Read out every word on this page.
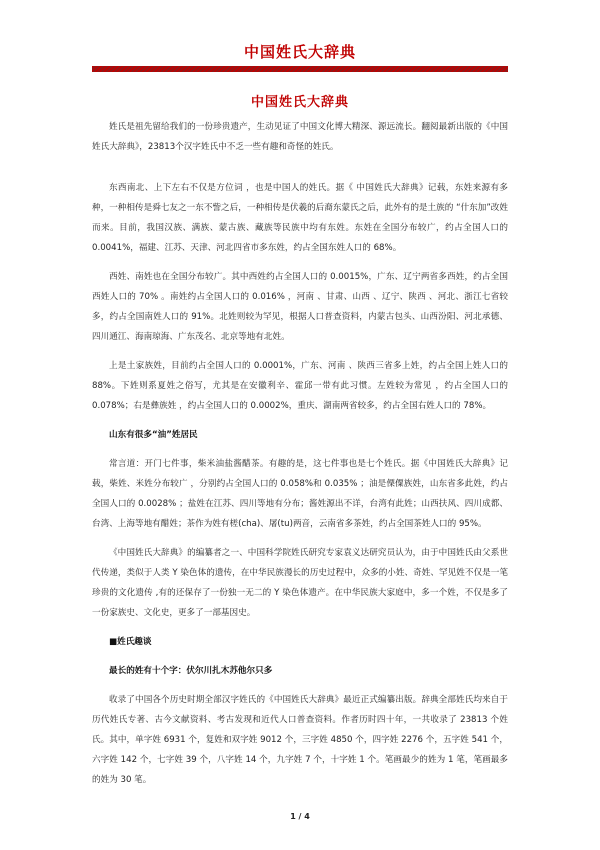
中国姓氏大辞典
中国姓氏大辞典

姓氏是祖先留给我们的一份珍贵遗产，生动见证了中国文化博大精深、源远流长。翻阅最新出版的《中国姓氏大辞典》，23813个汉字姓氏中不乏一些有趣和奇怪的姓氏。

东西南北、上下左右不仅是方位词 ，也是中国人的姓氏。据《 中国姓氏大辞典》记载，东姓来源有多种，一种相传是舜七友之一东不訾之后，一种相传是伏羲的后裔东蒙氏之后，此外有的是土族的 “什东加”改姓而来。目前，我国汉族、满族、蒙古族、藏族等民族中均有东姓。东姓在全国分布较广，约占全国人口的 0.0041%，福建、江苏、天津、河北四省市多东姓，约占全国东姓人口的 68%。

西姓、南姓也在全国分布较广。其中西姓约占全国人口的 0.0015%，广东、辽宁两省多西姓，约占全国西姓人口的 70% 。南姓约占全国人口的 0.016% ，河南 、甘肃、山西 、辽宁、陕西 、河北、浙江七省较多，约占全国南姓人口的 91%。北姓则较为罕见，根据人口普查资料，内蒙古包头、山西汾阳、河北承德、四川通江、海南琼海、广东茂名、北京等地有北姓。

上是土家族姓，目前约占全国人口的 0.0001%，广东、河南 、陕西三省多上姓，约占全国上姓人口的 88%。下姓则系夏姓之俗写，尤其是在安徽利辛、霍邱一带有此习惯。左姓较为常见 ，约占全国人口的 0.078%；右是彝族姓 ，约占全国人口的 0.0002%，重庆、湖南两省较多，约占全国右姓人口的 78%。

山东有很多“油”姓居民

常言道：开门七件事，柴米油盐酱醋茶。有趣的是，这七件事也是七个姓氏。据《中国姓氏大辞典》记载，柴姓、米姓分布较广 ，分别约占全国人口的 0.058%和 0.035% ；油是傈僳族姓，山东省多此姓，约占全国人口的 0.0028% ；盐姓在江苏、四川等地有分布；酱姓源出不详，台湾有此姓；山西扶风、四川成都、台湾、上海等地有醋姓；茶作为姓有槎(cha)、屠(tu)两音，云南省多茶姓，约占全国茶姓人口的 95%。

《中国姓氏大辞典》的编纂者之一、中国科学院姓氏研究专家袁义达研究员认为，由于中国姓氏由父系世代传递，类似于人类 Y 染色体的遗传，在中华民族漫长的历史过程中，众多的小姓、奇姓、罕见姓不仅是一笔珍贵的文化遗传 ,有的还保存了一份独一无二的 Y 染色体遗产。在中华民族大家庭中，多一个姓，不仅是多了一份家族史、文化史，更多了一部基因史。

■姓氏趣谈

最长的姓有十个字：伏尔川扎木苏他尔只多

收录了中国各个历史时期全部汉字姓氏的《中国姓氏大辞典》最近正式编纂出版。辞典全部姓氏均来自于历代姓氏专著、古今文献资料、考古发现和近代人口普查资料。作者历时四十年，一共收录了 23813 个姓氏。其中，单字姓 6931 个，复姓和双字姓 9012 个，三字姓 4850 个，四字姓 2276 个，五字姓 541 个，六字姓 142 个，七字姓 39 个，八字姓 14 个，九字姓 7 个，十字姓 1 个。笔画最少的姓为 1 笔，笔画最多的姓为 30 笔。

1 / 4
